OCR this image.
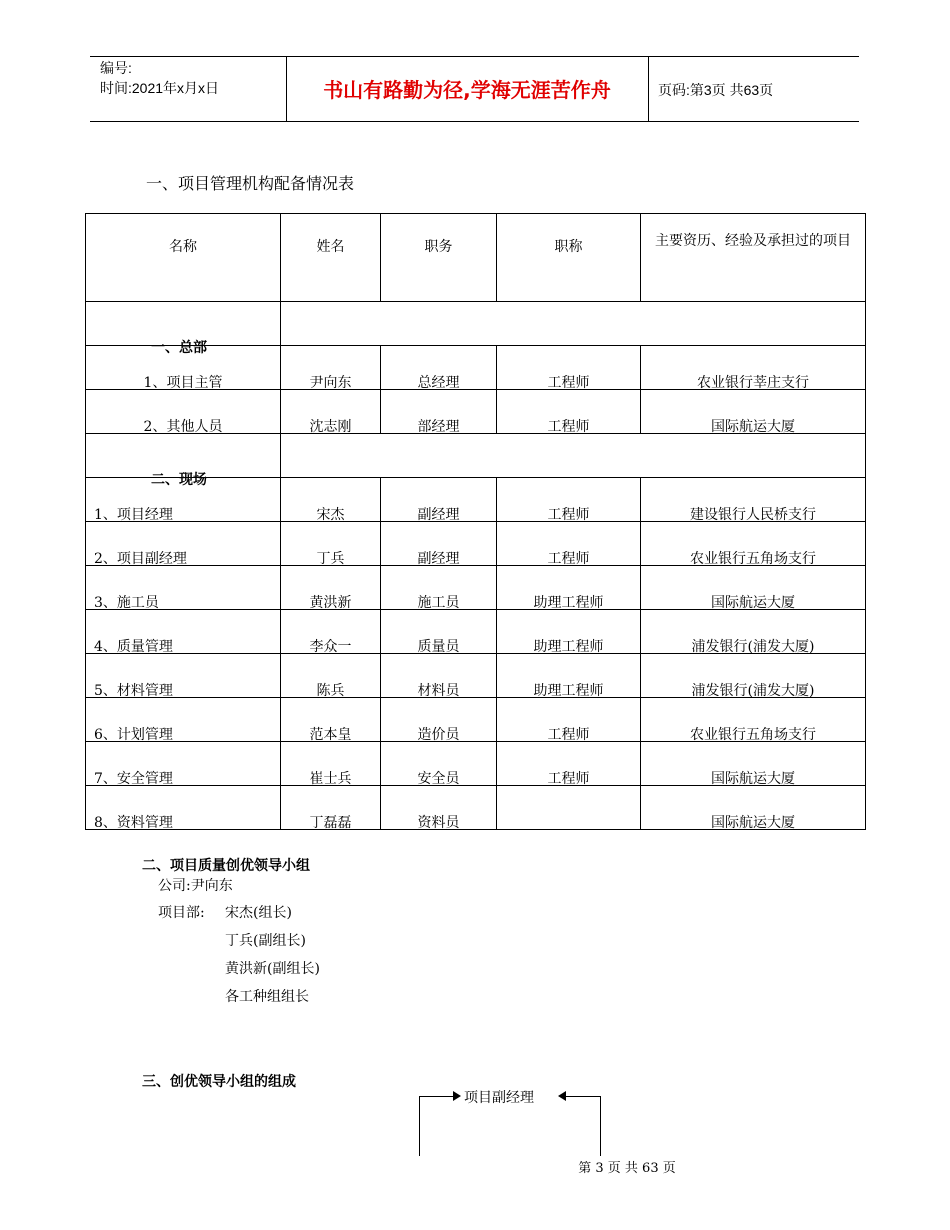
编号:
时间:2021年x月x日	书山有路勤为径,学海无涯苦作舟	页码:第3页 共63页
一、项目管理机构配备情况表
名称	姓名	职务	职称	主要资历、经验及承担过的项目

一、总部				

1、项目主管	尹向东	总经理	工程师	农业银行莘庄支行

2、其他人员	沈志刚	部经理	工程师	国际航运大厦

二、现场				

1、项目经理	宋杰	副经理	工程师	建设银行人民桥支行

2、项目副经理	丁兵	副经理	工程师	农业银行五角场支行

3、施工员	黄洪新	施工员	助理工程师	国际航运大厦

4、质量管理	李众一	质量员	助理工程师	浦发银行(浦发大厦)

5、材料管理	陈兵	材料员	助理工程师	浦发银行(浦发大厦)

6、计划管理	范本皇	造价员	工程师	农业银行五角场支行

7、安全管理	崔士兵	安全员	工程师	国际航运大厦

8、资料管理	丁磊磊	资料员		国际航运大厦
二、项目质量创优领导小组
公司:尹向东
项目部: 宋杰(组长)
丁兵(副组长)
黄洪新(副组长)
各工种组组长
三、创优领导小组的组成
项目副经理
第 3 页 共 63 页
